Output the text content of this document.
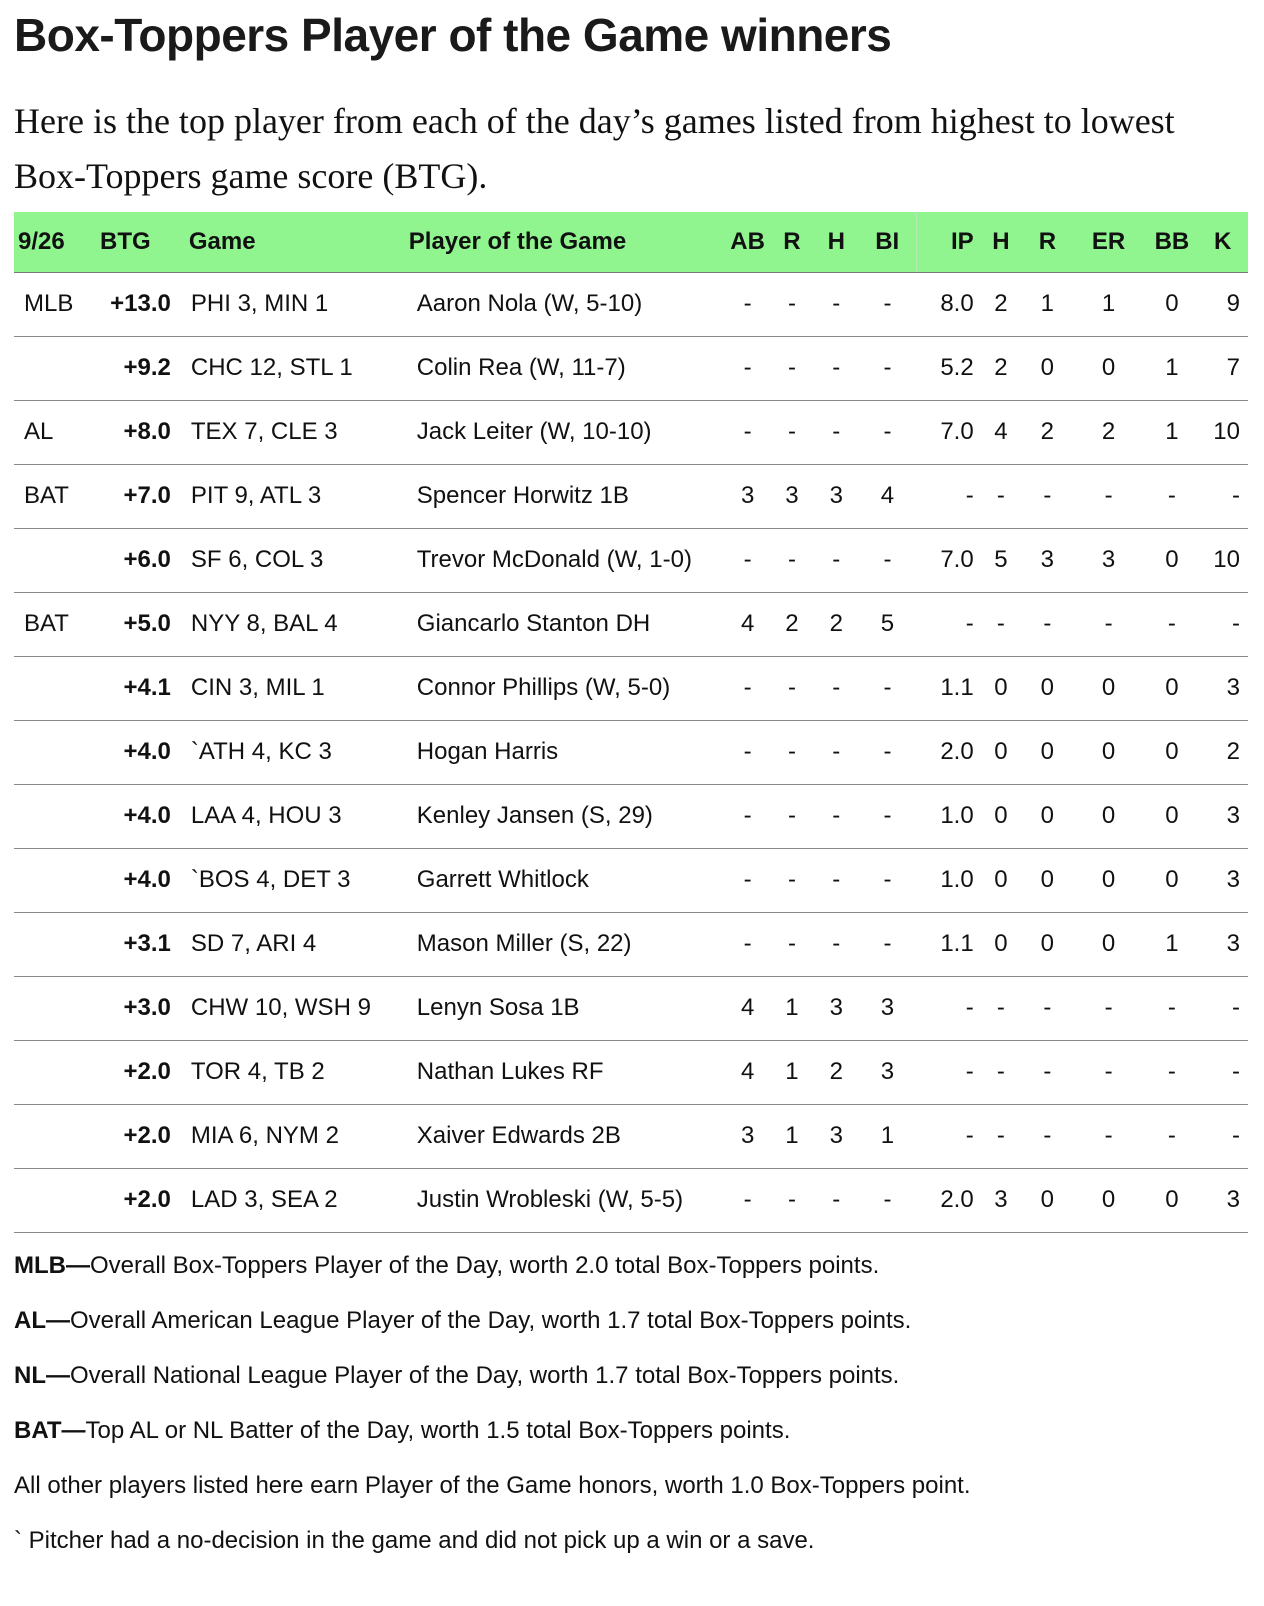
Box-Toppers Player of the Game winners

Here is the top player from each of the day’s games listed from highest to lowest Box-Toppers game score (BTG).

9/26	BTG	Game	Player of the Game	AB	R	H	BI	IP	H	R	ER	BB	K
MLB	+13.0	PHI 3, MIN 1	Aaron Nola (W, 5-10)	-	-	-	-	8.0	2	1	1	0	9
	+9.2	CHC 12, STL 1	Colin Rea (W, 11-7)	-	-	-	-	5.2	2	0	0	1	7
AL	+8.0	TEX 7, CLE 3	Jack Leiter (W, 10-10)	-	-	-	-	7.0	4	2	2	1	10
BAT	+7.0	PIT 9, ATL 3	Spencer Horwitz 1B	3	3	3	4	-	-	-	-	-	-
	+6.0	SF 6, COL 3	Trevor McDonald (W, 1-0)	-	-	-	-	7.0	5	3	3	0	10
BAT	+5.0	NYY 8, BAL 4	Giancarlo Stanton DH	4	2	2	5	-	-	-	-	-	-
	+4.1	CIN 3, MIL 1	Connor Phillips (W, 5-0)	-	-	-	-	1.1	0	0	0	0	3
	+4.0	`ATH 4, KC 3	Hogan Harris	-	-	-	-	2.0	0	0	0	0	2
	+4.0	LAA 4, HOU 3	Kenley Jansen (S, 29)	-	-	-	-	1.0	0	0	0	0	3
	+4.0	`BOS 4, DET 3	Garrett Whitlock	-	-	-	-	1.0	0	0	0	0	3
	+3.1	SD 7, ARI 4	Mason Miller (S, 22)	-	-	-	-	1.1	0	0	0	1	3
	+3.0	CHW 10, WSH 9	Lenyn Sosa 1B	4	1	3	3	-	-	-	-	-	-
	+2.0	TOR 4, TB 2	Nathan Lukes RF	4	1	2	3	-	-	-	-	-	-
	+2.0	MIA 6, NYM 2	Xaiver Edwards 2B	3	1	3	1	-	-	-	-	-	-
	+2.0	LAD 3, SEA 2	Justin Wrobleski (W, 5-5)	-	-	-	-	2.0	3	0	0	0	3

MLB—Overall Box-Toppers Player of the Day, worth 2.0 total Box-Toppers points.

AL—Overall American League Player of the Day, worth 1.7 total Box-Toppers points.

NL—Overall National League Player of the Day, worth 1.7 total Box-Toppers points.

BAT—Top AL or NL Batter of the Day, worth 1.5 total Box-Toppers points.

All other players listed here earn Player of the Game honors, worth 1.0 Box-Toppers point.

` Pitcher had a no-decision in the game and did not pick up a win or a save.
